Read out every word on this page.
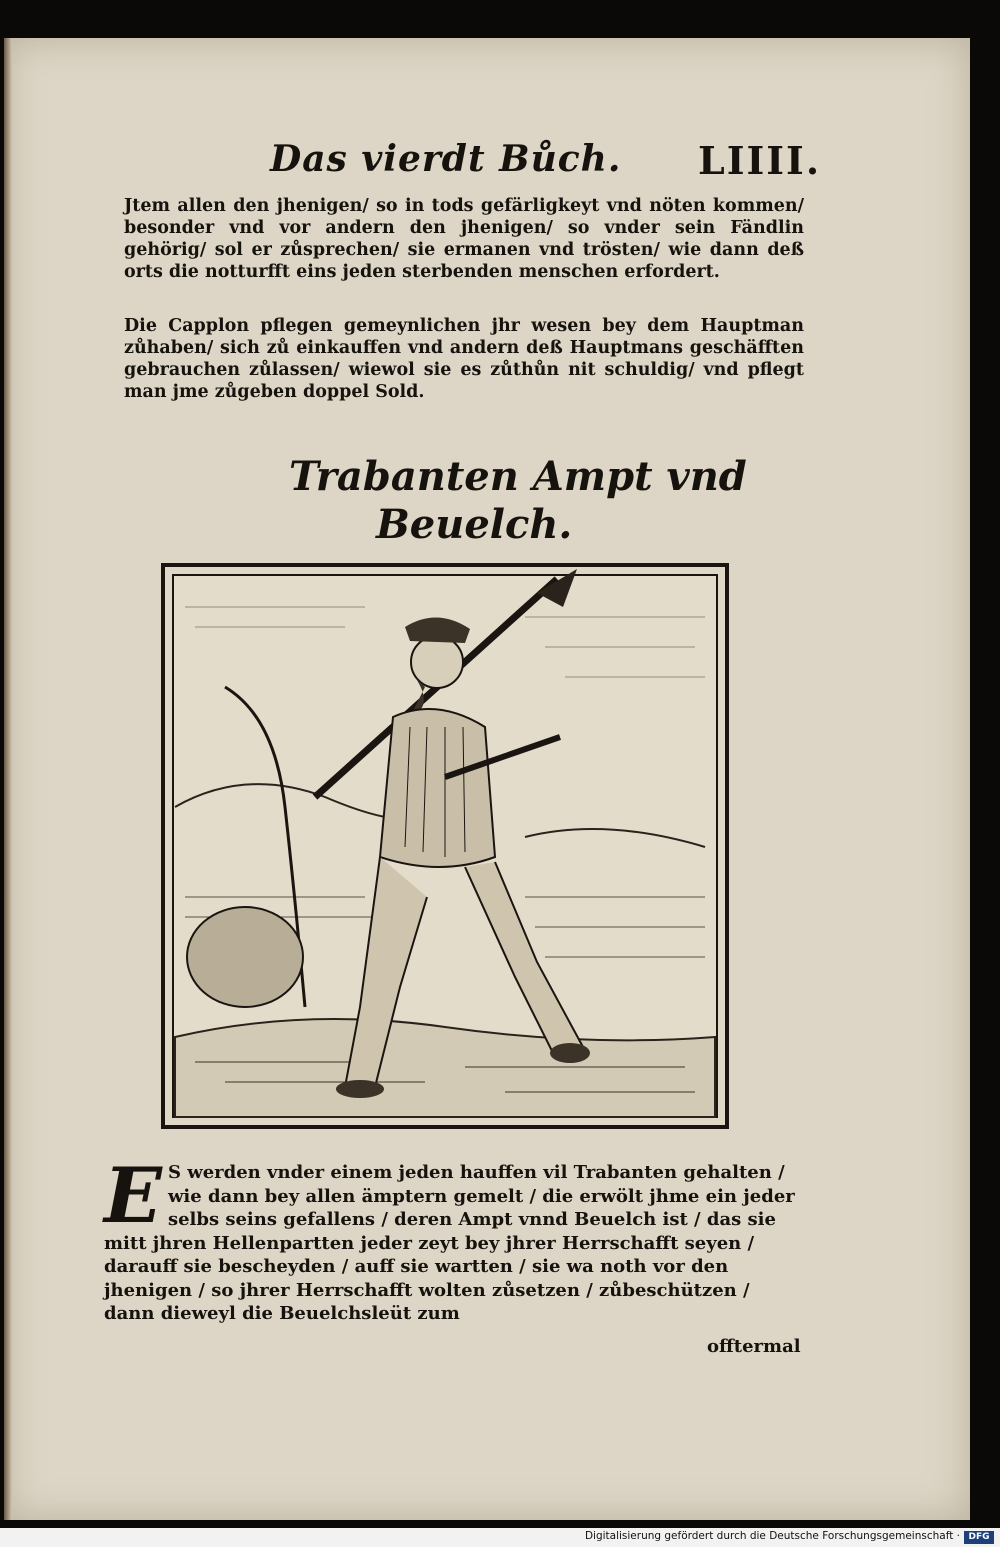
Das vierdt Bůch. LIIII.
Jtem allen den jhenigen/ so in tods gefärligkeyt vnd nöten kommen/ besonder vnd vor andern den jhenigen/ so vnder sein Fändlin gehörig/ sol er zůsprechen/ sie ermanen vnd trösten/ wie dann deß orts die notturfft eins jeden sterbenden menschen erfordert.
Die Capplon pflegen gemeynlichen jhr wesen bey dem Hauptman zůhaben/ sich zů einkauffen vnd andern deß Hauptmans geschäfften gebrauchen zůlassen/ wiewol sie es zůthůn nit schuldig/ vnd pflegt man jme zůgeben doppel Sold.
Trabanten Ampt vnd
Beuelch.
E S werden vnder einem jeden hauffen vil Trabanten gehalten / wie dann bey allen ämptern gemelt / die erwölt jhme ein jeder selbs seins gefallens / deren Ampt vnnd Beuelch ist / das sie mitt jhren Hellenpartten jeder zeyt bey jhrer Herrschafft seyen / darauff sie bescheyden / auff sie wartten / sie wa noth vor den jhenigen / so jhrer Herrschafft wolten zůsetzen / zůbeschützen / dann dieweyl die Beuelchsleüt zum
offtermal
Digitalisierung gefördert durch die Deutsche Forschungsgemeinschaft · DFG
